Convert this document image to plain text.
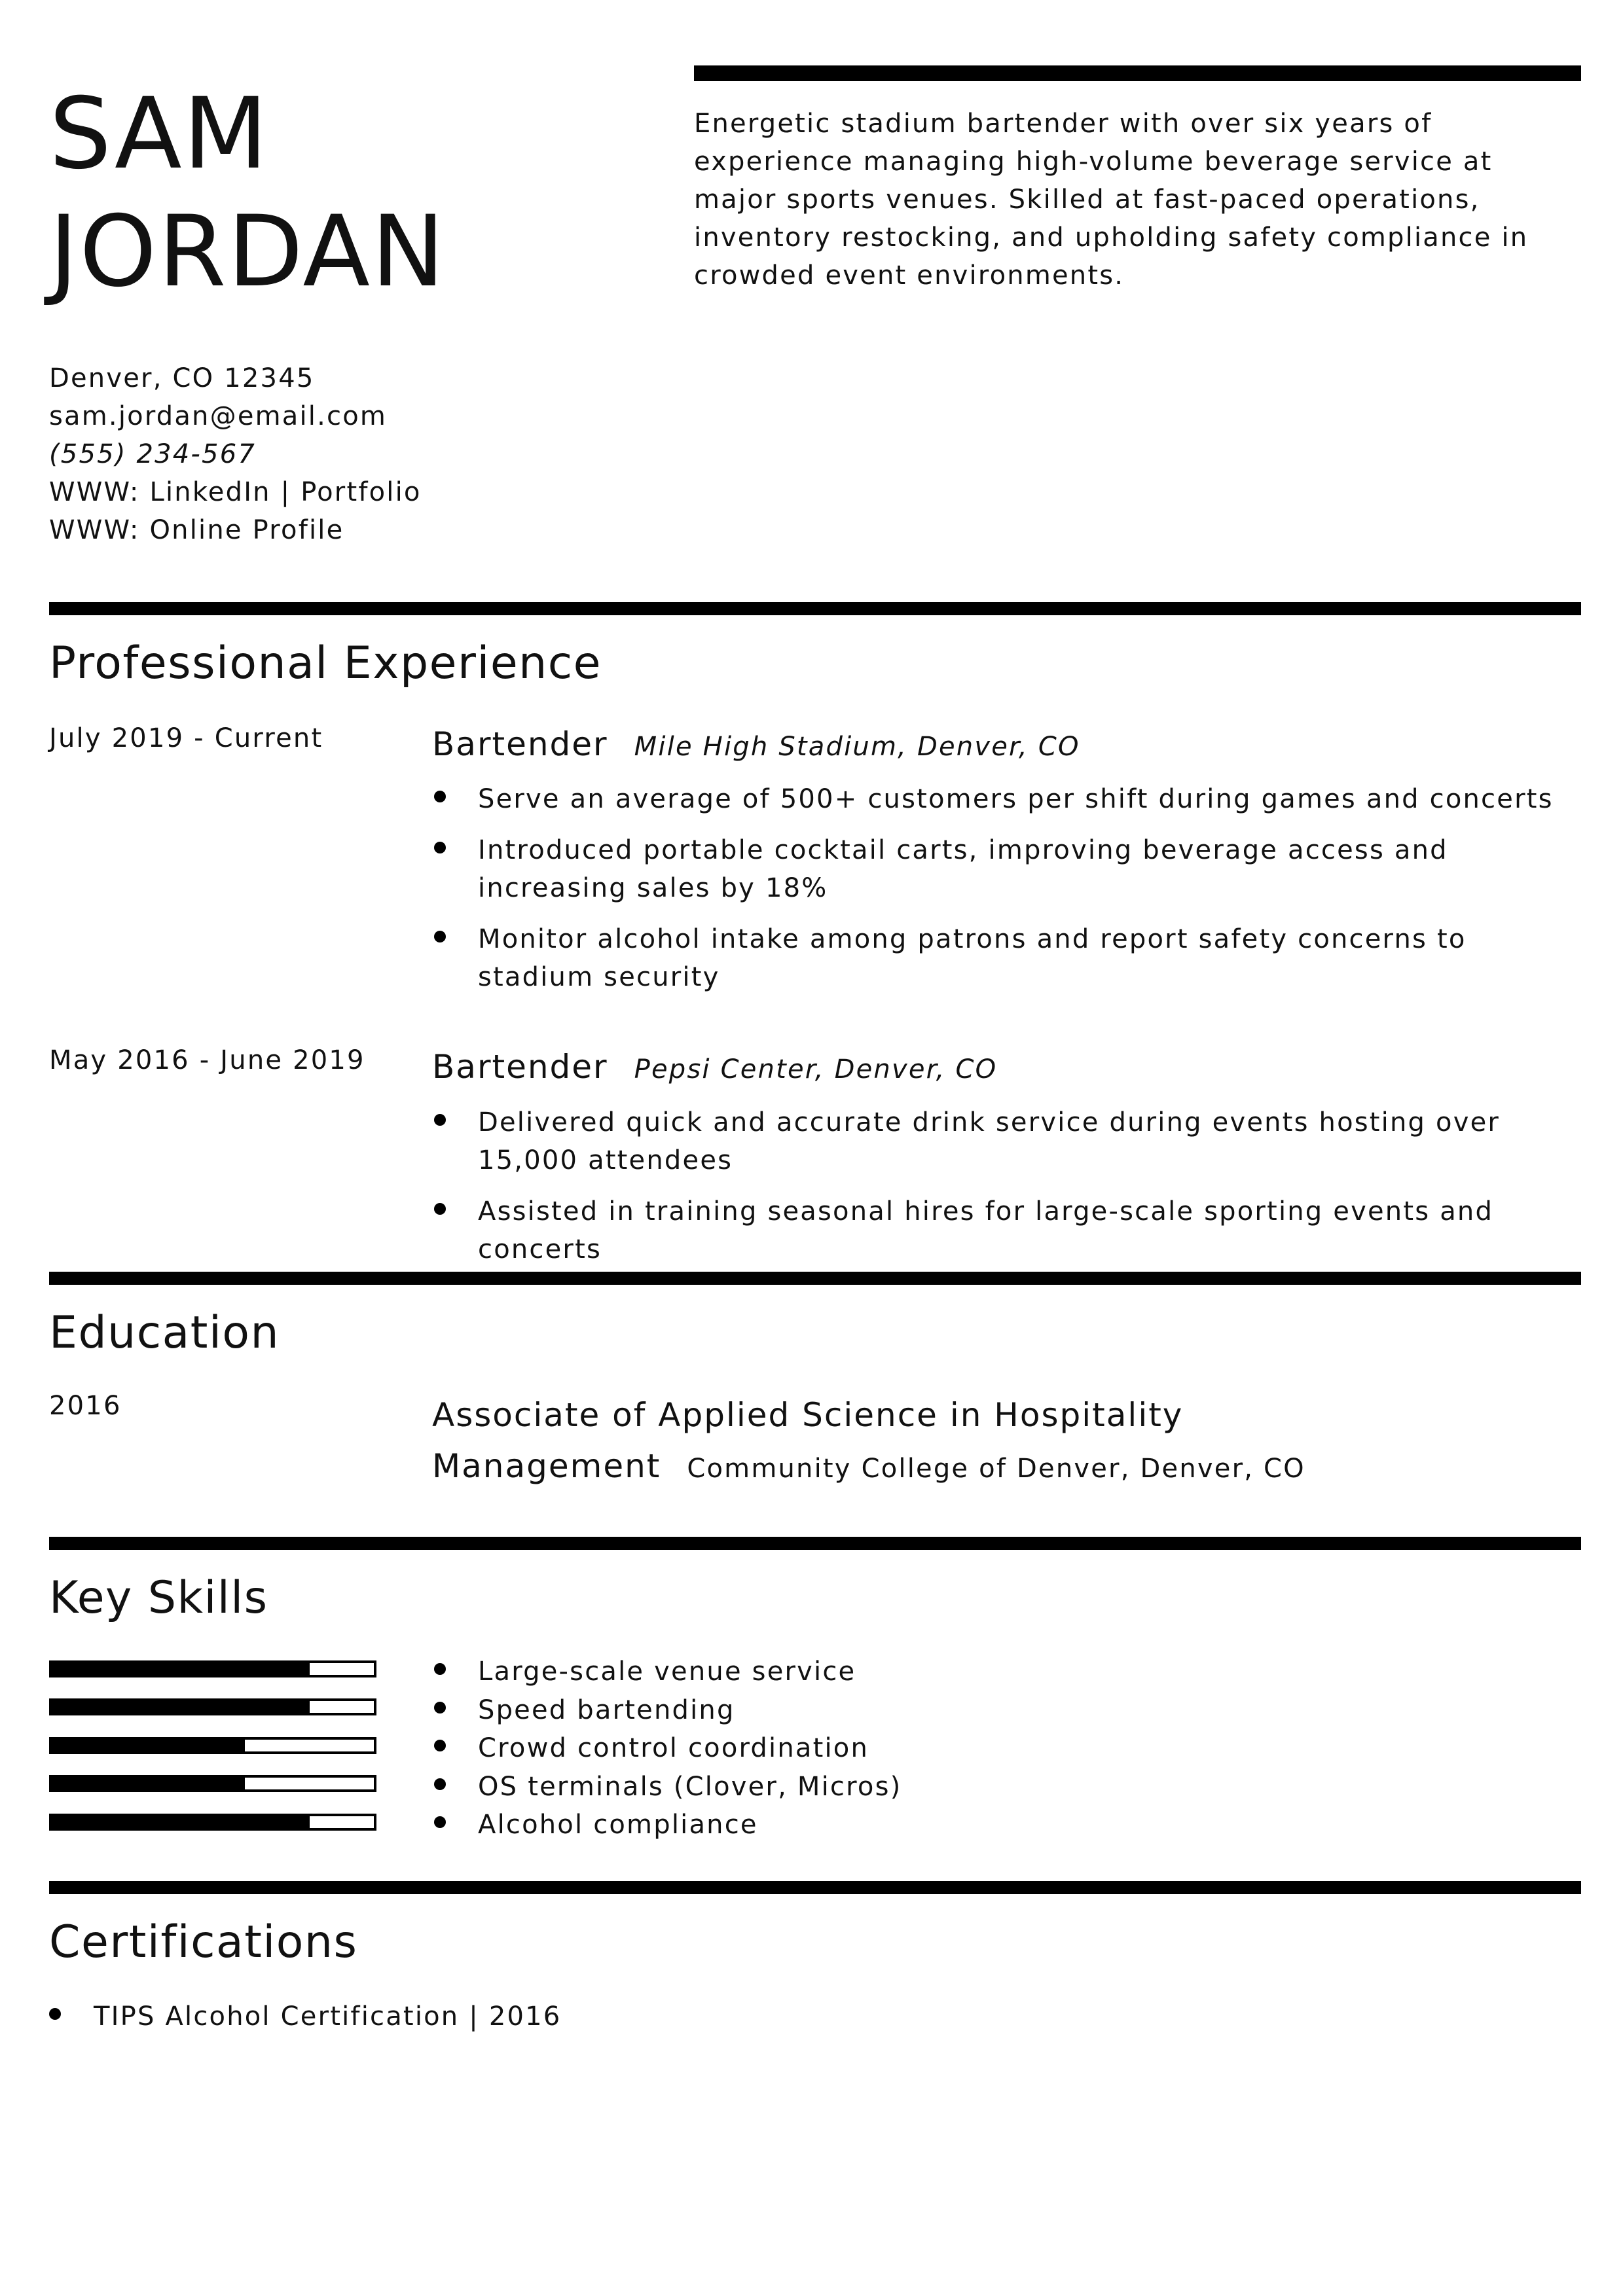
SAM
JORDAN
Energetic stadium bartender with over six years of experience managing high-volume beverage service at major sports venues. Skilled at fast-paced operations, inventory restocking, and upholding safety compliance in crowded event environments.
Denver, CO 12345
sam.jordan@email.com
(555) 234-567
WWW: LinkedIn | Portfolio
WWW: Online Profile
Professional Experience
July 2019 - Current	Bartender Mile High Stadium, Denver, CO
Serve an average of 500+ customers per shift during games and concerts
Introduced portable cocktail carts, improving beverage access and increasing sales by 18%
Monitor alcohol intake among patrons and report safety concerns to stadium security
May 2016 - June 2019 Bartender Pepsi Center, Denver, CO
Delivered quick and accurate drink service during events hosting over 15,000 attendees
Assisted in training seasonal hires for large-scale sporting events and concerts
Education
2016	Associate of Applied Science in Hospitality Management Community College of Denver, Denver, CO
Key Skills
Large-scale venue service
Speed bartending
Crowd control coordination
OS terminals (Clover, Micros)
Alcohol compliance
Certifications
TIPS Alcohol Certification | 2016
